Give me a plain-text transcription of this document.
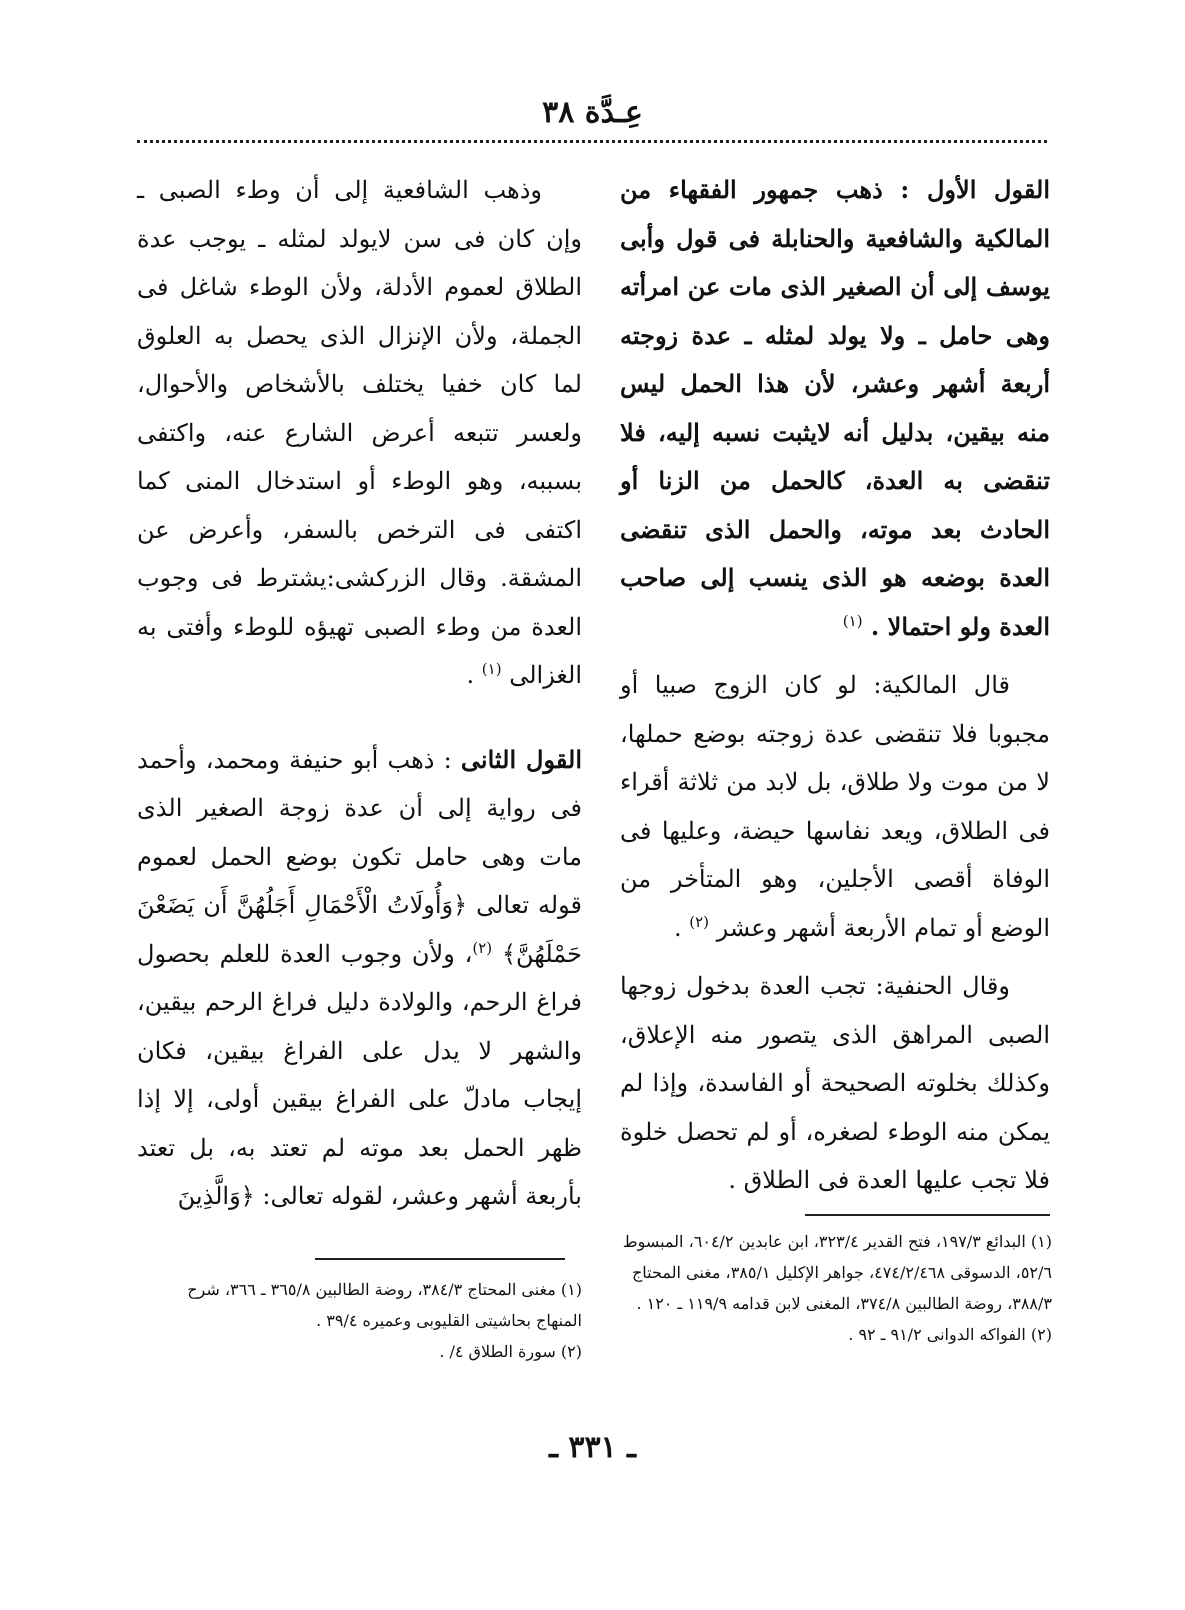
عِـدَّة ٣٨

القول الأول : ذهب جمهور الفقهاء من المالكية والشافعية والحنابلة فى قول وأبى يوسف إلى أن الصغير الذى مات عن امرأته وهى حامل ـ ولا يولد لمثله ـ عدة زوجته أربعة أشهر وعشر، لأن هذا الحمل ليس منه بيقين، بدليل أنه لايثبت نسبه إليه، فلا تنقضى به العدة، كالحمل من الزنا أو الحادث بعد موته، والحمل الذى تنقضى العدة بوضعه هو الذى ينسب إلى صاحب العدة ولو احتمالا . $^{(١)}$

قال المالكية: لو كان الزوج صبيا أو مجبوبا فلا تنقضى عدة زوجته بوضع حملها، لا من موت ولا طلاق، بل لابد من ثلاثة أقراء فى الطلاق، ويعد نفاسها حيضة، وعليها فى الوفاة أقصى الأجلين، وهو المتأخر من الوضع أو تمام الأربعة أشهر وعشر $^{(٢)}$ .

وقال الحنفية: تجب العدة بدخول زوجها الصبى المراهق الذى يتصور منه الإعلاق، وكذلك بخلوته الصحيحة أو الفاسدة، وإذا لم يمكن منه الوطء لصغره، أو لم تحصل خلوة فلا تجب عليها العدة فى الطلاق .

وذهب الشافعية إلى أن وطء الصبى ـ وإن كان فى سن لايولد لمثله ـ يوجب عدة الطلاق لعموم الأدلة، ولأن الوطء شاغل فى الجملة، ولأن الإنزال الذى يحصل به العلوق لما كان خفيا يختلف بالأشخاص والأحوال، ولعسر تتبعه أعرض الشارع عنه، واكتفى بسببه، وهو الوطء أو استدخال المنى كما اكتفى فى الترخص بالسفر، وأعرض عن المشقة. وقال الزركشى:يشترط فى وجوب العدة من وطء الصبى تهيؤه للوطء وأفتى به الغزالى $^{(١)}$ .

القول الثانى : ذهب أبو حنيفة ومحمد، وأحمد فى رواية إلى أن عدة زوجة الصغير الذى مات وهى حامل تكون بوضع الحمل لعموم قوله تعالى ﴿وَأُولَاتُ الْأَحْمَالِ أَجَلُهُنَّ أَن يَضَعْنَ حَمْلَهُنَّ﴾ $^{(٢)}$، ولأن وجوب العدة للعلم بحصول فراغ الرحم، والولادة دليل فراغ الرحم بيقين، والشهر لا يدل على الفراغ بيقين، فكان إيجاب مادلّ على الفراغ بيقين أولى، إلا إذا ظهر الحمل بعد موته لم تعتد به، بل تعتد بأربعة أشهر وعشر، لقوله تعالى: ﴿وَالَّذِينَ

(١) البدائع ١٩٧/٣، فتح القدير ٣٢٣/٤، ابن عابدين ٦٠٤/٢، المبسوط ٥٢/٦، الدسوقى ٤٧٤/٢/٤٦٨، جواهر الإكليل ٣٨٥/١، مغنى المحتاج ٣٨٨/٣، روضة الطالبين ٣٧٤/٨، المغنى لابن قدامه ١١٩/٩ ـ ١٢٠ .

(٢) الفواكه الدوانى ٩١/٢ ـ ٩٢ .

(١) مغنى المحتاج ٣٨٤/٣، روضة الطالبين ٣٦٥/٨ ـ ٣٦٦، شرح المنهاج بحاشيتى القليوبى وعميره ٣٩/٤ .

(٢) سورة الطلاق ٤/ .

ـ ٣٣١ ـ
